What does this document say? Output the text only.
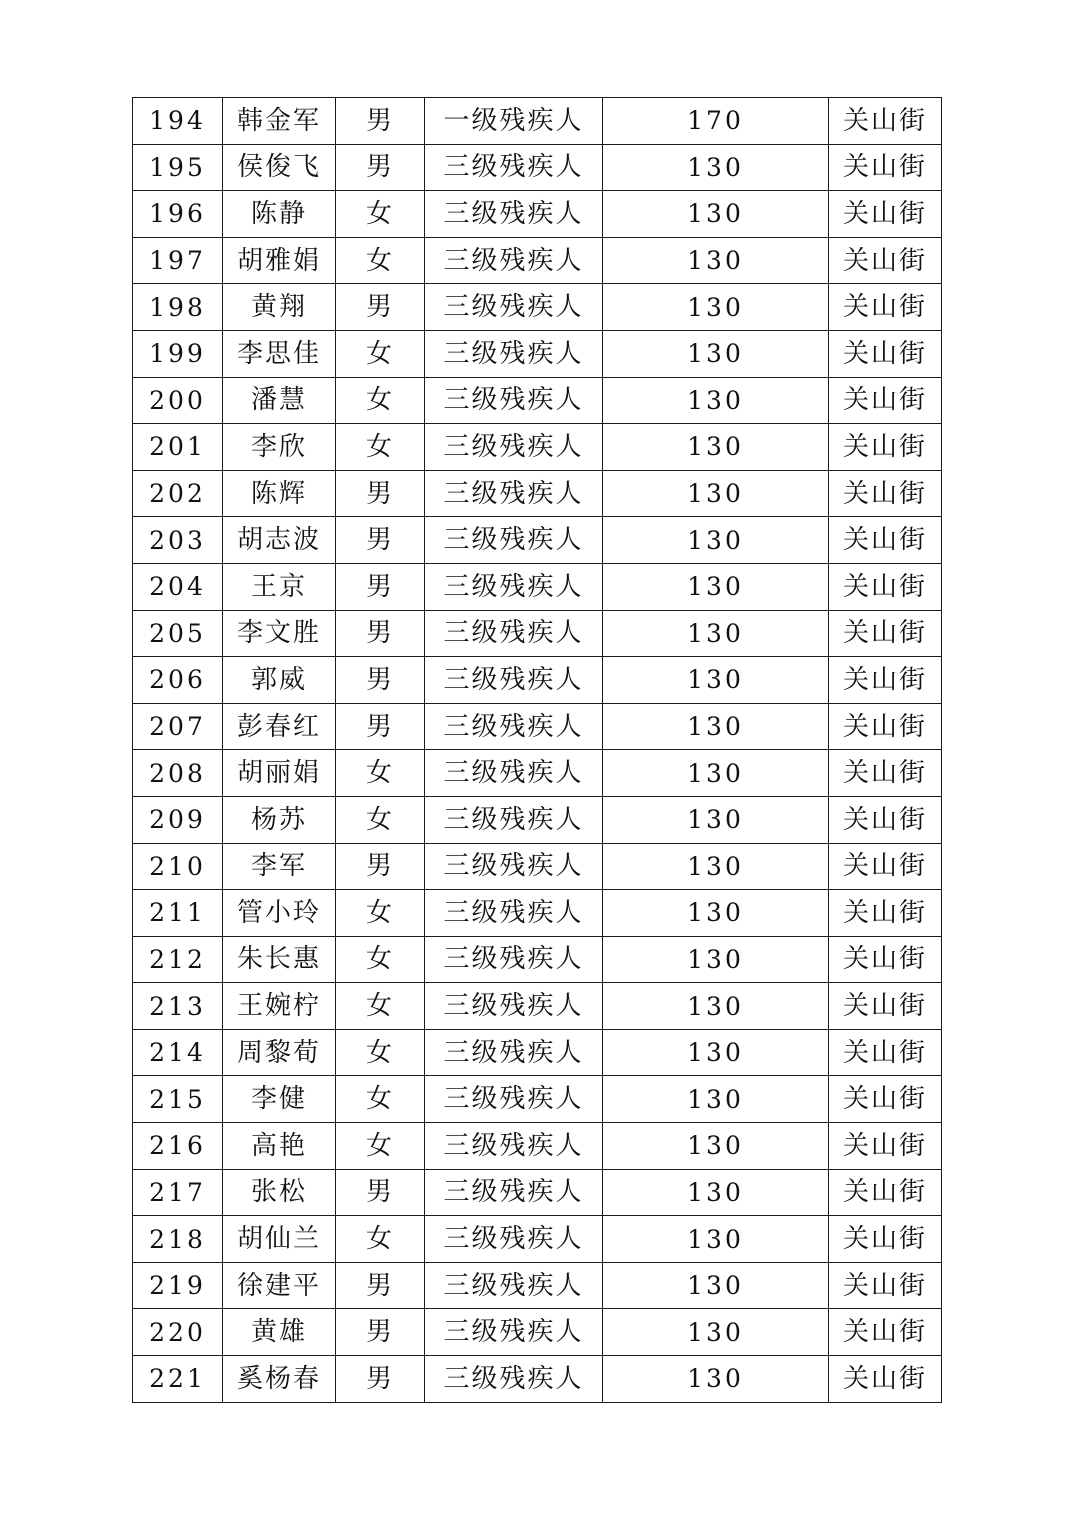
194	韩金军	男	一级残疾人	170	关山街
195	侯俊飞	男	三级残疾人	130	关山街
196	陈静	女	三级残疾人	130	关山街
197	胡雅娟	女	三级残疾人	130	关山街
198	黄翔	男	三级残疾人	130	关山街
199	李思佳	女	三级残疾人	130	关山街
200	潘慧	女	三级残疾人	130	关山街
201	李欣	女	三级残疾人	130	关山街
202	陈辉	男	三级残疾人	130	关山街
203	胡志波	男	三级残疾人	130	关山街
204	王京	男	三级残疾人	130	关山街
205	李文胜	男	三级残疾人	130	关山街
206	郭威	男	三级残疾人	130	关山街
207	彭春红	男	三级残疾人	130	关山街
208	胡丽娟	女	三级残疾人	130	关山街
209	杨苏	女	三级残疾人	130	关山街
210	李军	男	三级残疾人	130	关山街
211	管小玲	女	三级残疾人	130	关山街
212	朱长惠	女	三级残疾人	130	关山街
213	王婉柠	女	三级残疾人	130	关山街
214	周黎荀	女	三级残疾人	130	关山街
215	李健	女	三级残疾人	130	关山街
216	高艳	女	三级残疾人	130	关山街
217	张松	男	三级残疾人	130	关山街
218	胡仙兰	女	三级残疾人	130	关山街
219	徐建平	男	三级残疾人	130	关山街
220	黄雄	男	三级残疾人	130	关山街
221	奚杨春	男	三级残疾人	130	关山街
